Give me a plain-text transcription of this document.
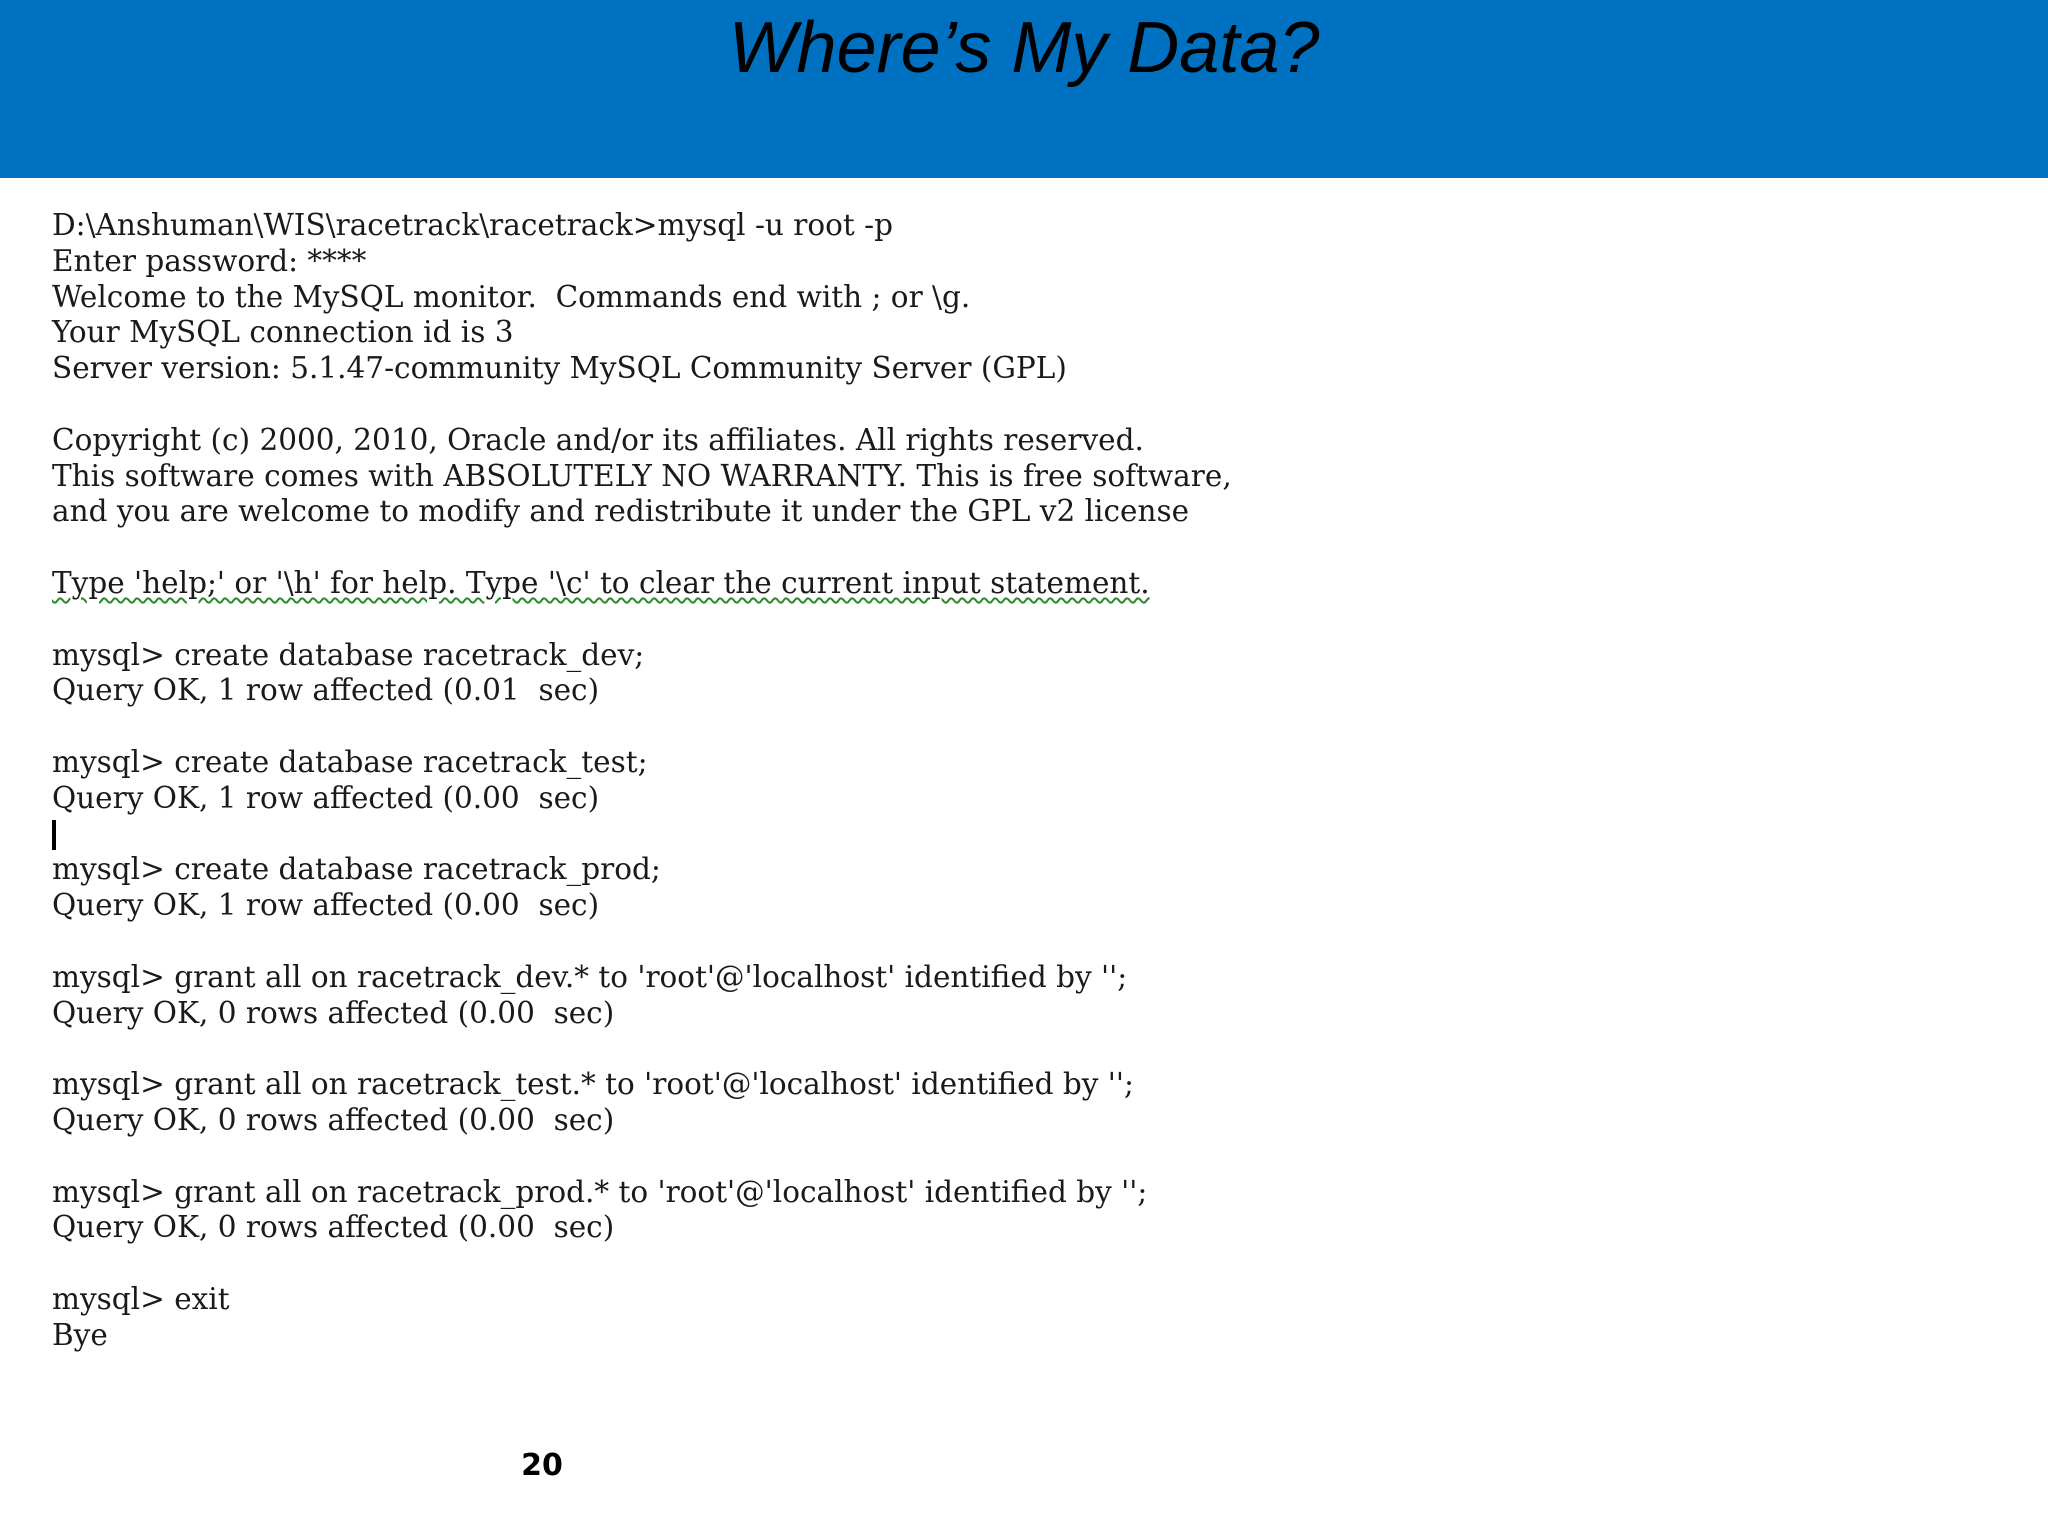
Where’s My Data?
D:\Anshuman\WIS\racetrack\racetrack>mysql -u root -p
Enter password: ****
Welcome to the MySQL monitor.  Commands end with ; or \g.
Your MySQL connection id is 3
Server version: 5.1.47-community MySQL Community Server (GPL)
Copyright (c) 2000, 2010, Oracle and/or its affiliates. All rights reserved.
This software comes with ABSOLUTELY NO WARRANTY. This is free software,
and you are welcome to modify and redistribute it under the GPL v2 license
Type 'help;' or '\h' for help. Type '\c' to clear the current input statement.
mysql> create database racetrack_dev;
Query OK, 1 row affected (0.01  sec)
mysql> create database racetrack_test;
Query OK, 1 row affected (0.00  sec)
mysql> create database racetrack_prod;
Query OK, 1 row affected (0.00  sec)
mysql> grant all on racetrack_dev.* to 'root'@'localhost' identified by '';
Query OK, 0 rows affected (0.00  sec)
mysql> grant all on racetrack_test.* to 'root'@'localhost' identified by '';
Query OK, 0 rows affected (0.00  sec)
mysql> grant all on racetrack_prod.* to 'root'@'localhost' identified by '';
Query OK, 0 rows affected (0.00  sec)
mysql> exit
Bye
20
